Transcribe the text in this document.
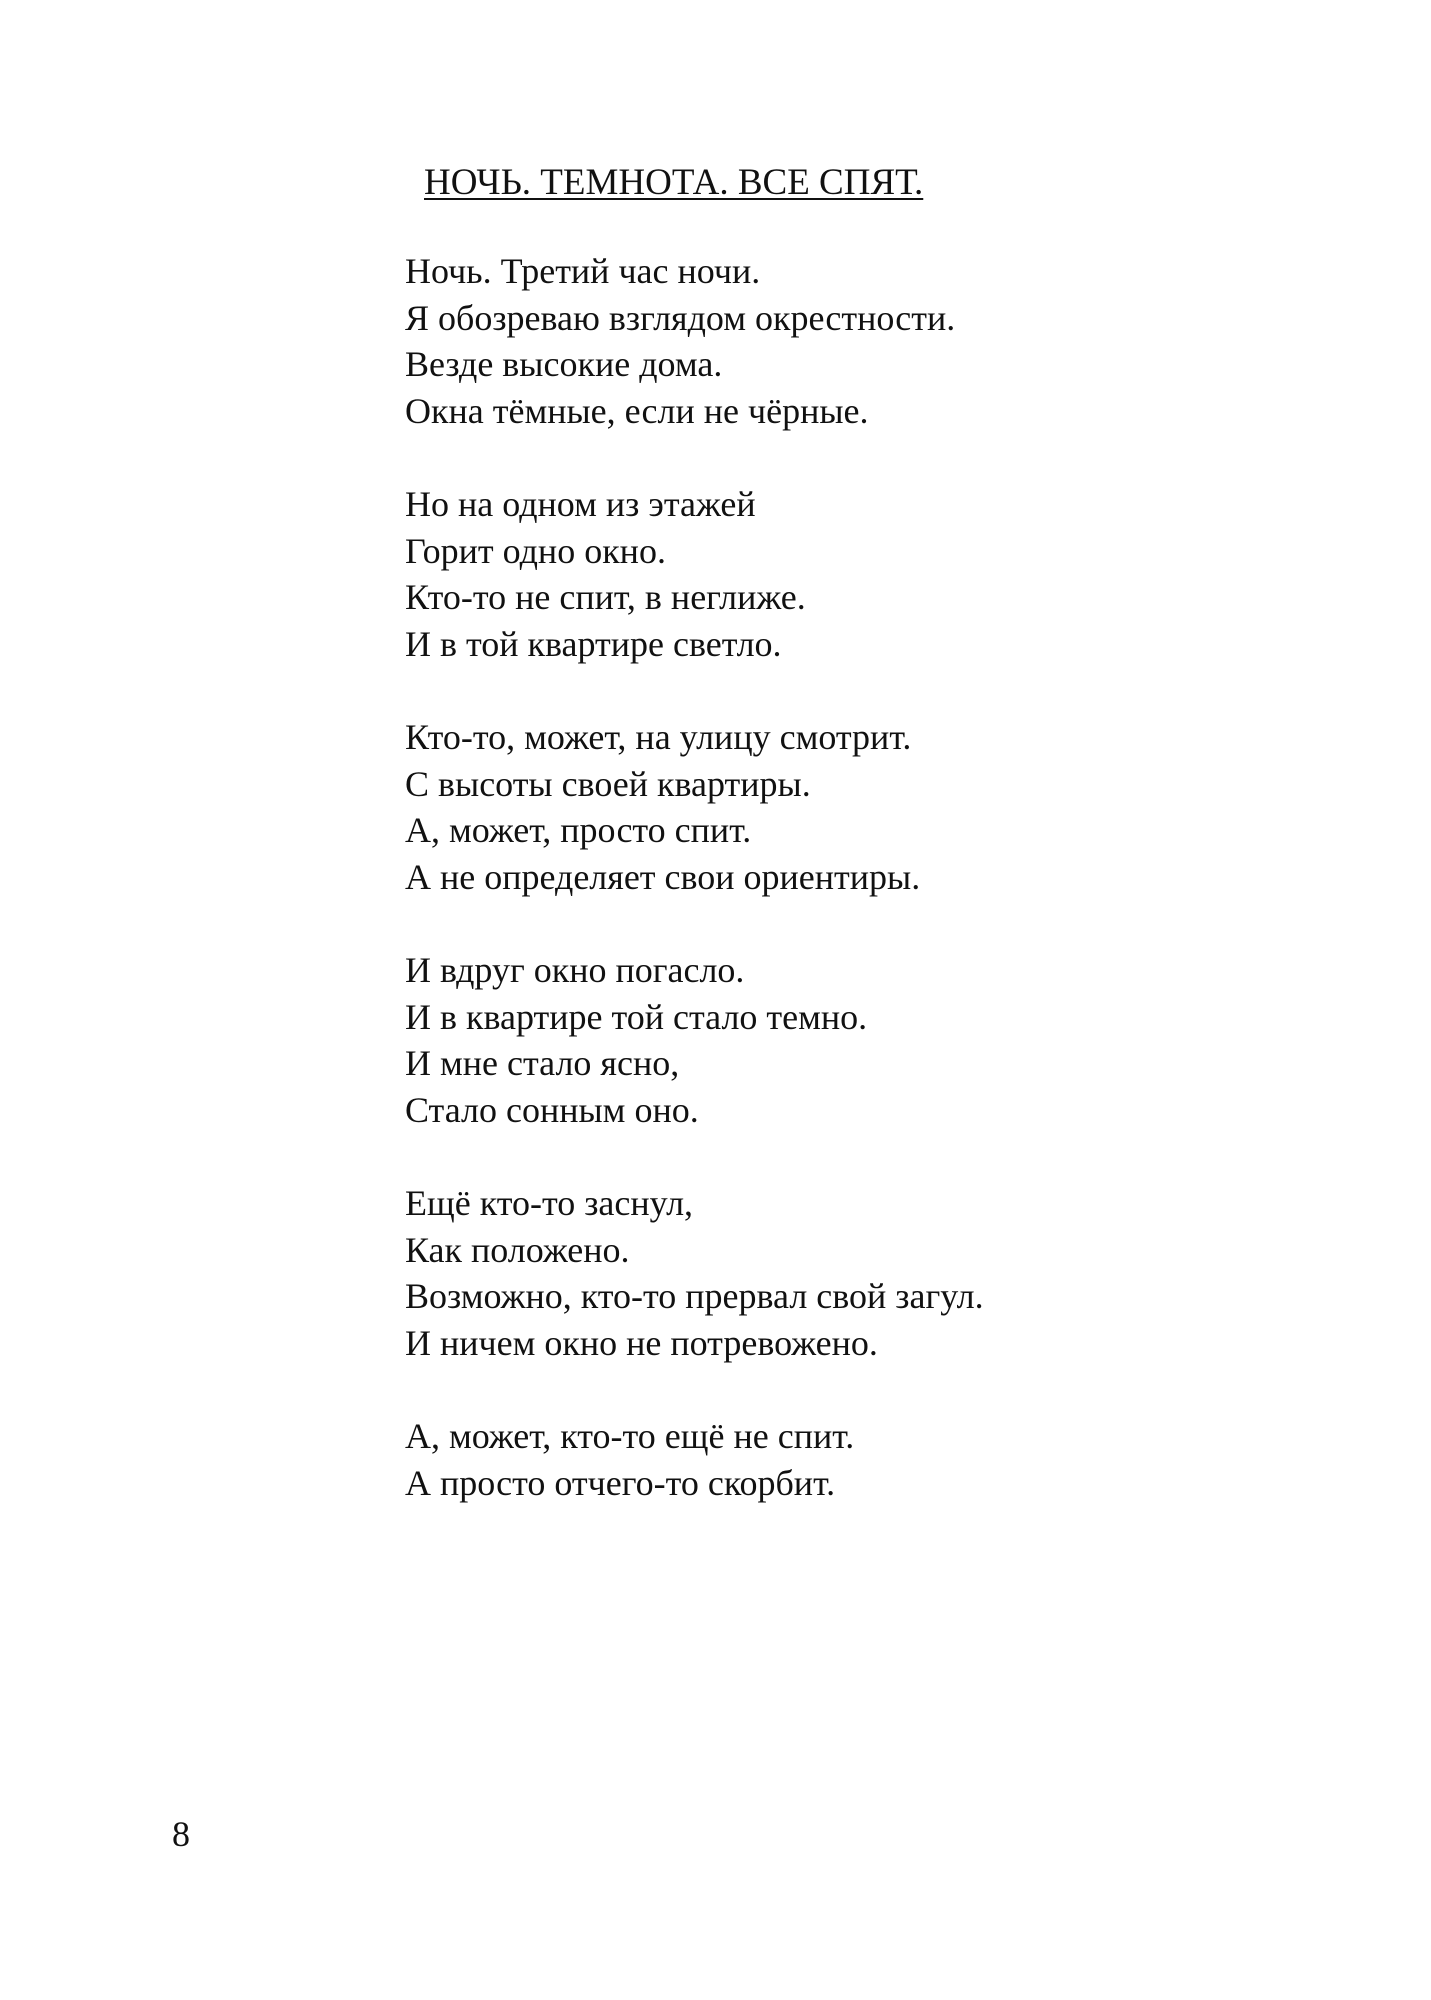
НОЧЬ. ТЕМНОТА. ВСЕ СПЯТ.
Ночь. Третий час ночи.
Я обозреваю взглядом окрестности.
Везде высокие дома.
Окна тёмные, если не чёрные.
Но на одном из этажей
Горит одно окно.
Кто-то не спит, в неглиже.
И в той квартире светло.
Кто-то, может, на улицу смотрит.
С высоты своей квартиры.
А, может, просто спит.
А не определяет свои ориентиры.
И вдруг окно погасло.
И в квартире той стало темно.
И мне стало ясно,
Стало сонным оно.
Ещё кто-то заснул,
Как положено.
Возможно, кто-то прервал свой загул.
И ничем окно не потревожено.
А, может, кто-то ещё не спит.
А просто отчего-то скорбит.
8
